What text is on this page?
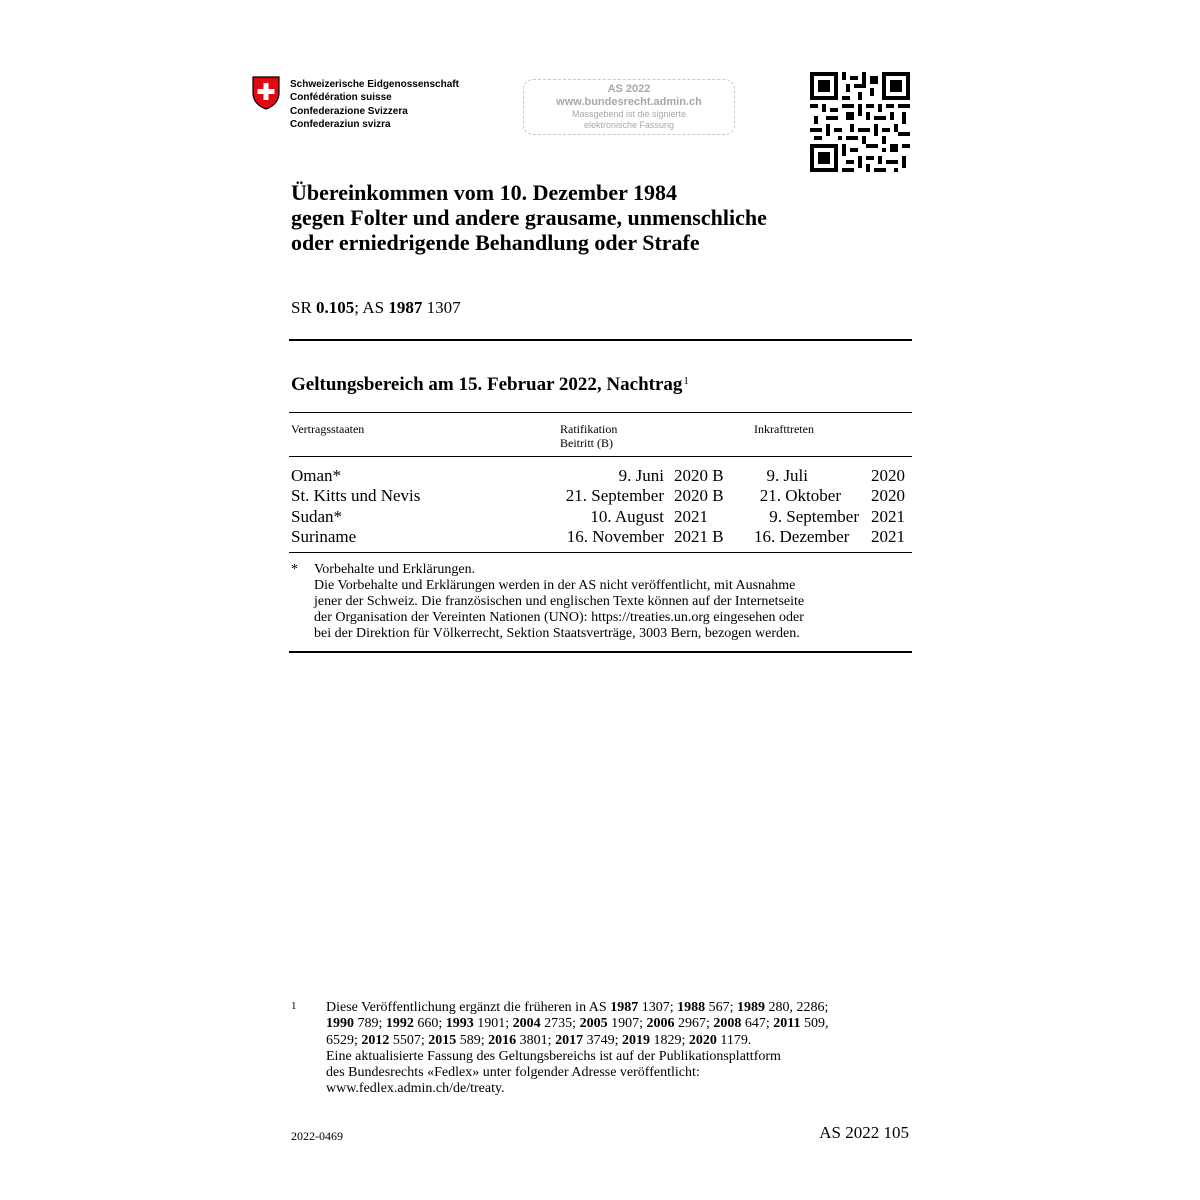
Schweizerische Eidgenossenschaft
Confédération suisse
Confederazione Svizzera
Confederaziun svizra
AS 2022
www.bundesrecht.admin.ch
Massgebend ist die signierte
elektronische Fassung
Übereinkommen vom 10. Dezember 1984
gegen Folter und andere grausame, unmenschliche
oder erniedrigende Behandlung oder Strafe
SR 0.105; AS 1987 1307
Geltungsbereich am 15. Februar 2022, Nachtrag$^1$
Vertragsstaaten	Ratifikation
Beitritt (B)
Inkrafttreten
Oman*	9. Juni 2020 B	9. Juli	2020
St. Kitts und Nevis	21. September 2020 B 21. Oktober 2020
Sudan*	10. August 2021	9. September 2021
Suriname	16. November 2021 B 16. Dezember 2021
* Vorbehalte und Erklärungen.
Die Vorbehalte und Erklärungen werden in der AS nicht veröffentlicht, mit Ausnahme
jener der Schweiz. Die französischen und englischen Texte können auf der Internetseite
der Organisation der Vereinten Nationen (UNO): https://treaties.un.org eingesehen oder
bei der Direktion für Völkerrecht, Sektion Staatsverträge, 3003 Bern, bezogen werden.
1 Diese Veröffentlichung ergänzt die früheren in AS 1987 1307; 1988 567; 1989 280, 2286;
1990 789; 1992 660; 1993 1901; 2004 2735; 2005 1907; 2006 2967; 2008 647; 2011 509,
6529; 2012 5507; 2015 589; 2016 3801; 2017 3749; 2019 1829; 2020 1179.
Eine aktualisierte Fassung des Geltungsbereichs ist auf der Publikationsplattform
des Bundesrechts «Fedlex» unter folgender Adresse veröffentlicht:
www.fedlex.admin.ch/de/treaty.
2022-0469	AS 2022 105
